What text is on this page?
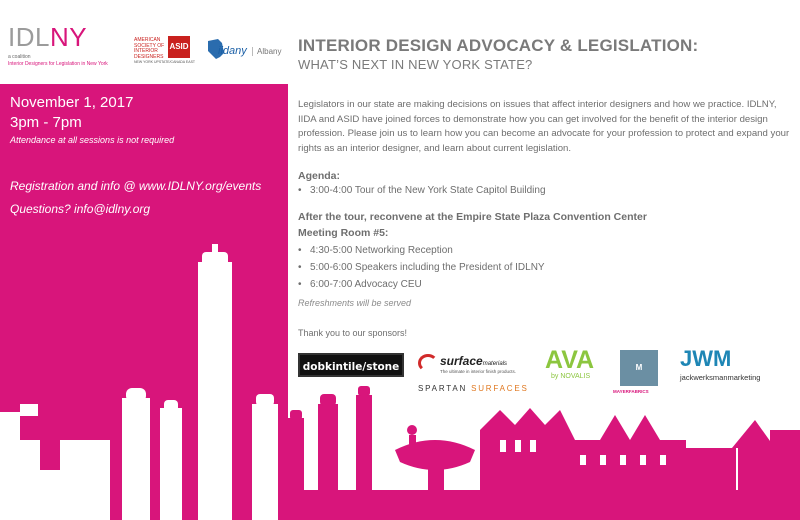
IDLNY
a coalition
Interior Designers for Legislation in New York
AMERICAN SOCIETY OF INTERIOR DESIGNERS
ASID
NEW YORK UPSTATE/CANADA EAST
iidany	Albany
November 1, 2017
3pm - 7pm
Attendance at all sessions is not required
Registration and info @ www.IDLNY.org/events
Questions? info@idlny.org
INTERIOR DESIGN ADVOCACY & LEGISLATION:
WHAT’S NEXT IN NEW YORK STATE?
Legislators in our state are making decisions on issues that affect interior designers and how we practice. IDLNY, IIDA and ASID have joined forces to demonstrate how you can get involved for the benefit of the interior design profession. Please join us to learn how you can become an advocate for your profession to protect and expand your rights as an interior designer, and learn about current legislation.
Agenda:
• 3:00-4:00 Tour of the New York State Capitol Building
After the tour, reconvene at the Empire State Plaza Convention Center
Meeting Room #5:
• 4:30-5:00 Networking Reception
• 5:00-6:00 Speakers including the President of IDLNY
• 6:00-7:00 Advocacy CEU
Refreshments will be served
Thank you to our sponsors!
dobkintile/stone	surfacematerials
The ultimate in interior finish products.
SPARTAN SURFACES
AVA
by NOVALIS
M
MAYERFABRICS
JWM
jackwerksmanmarketing
